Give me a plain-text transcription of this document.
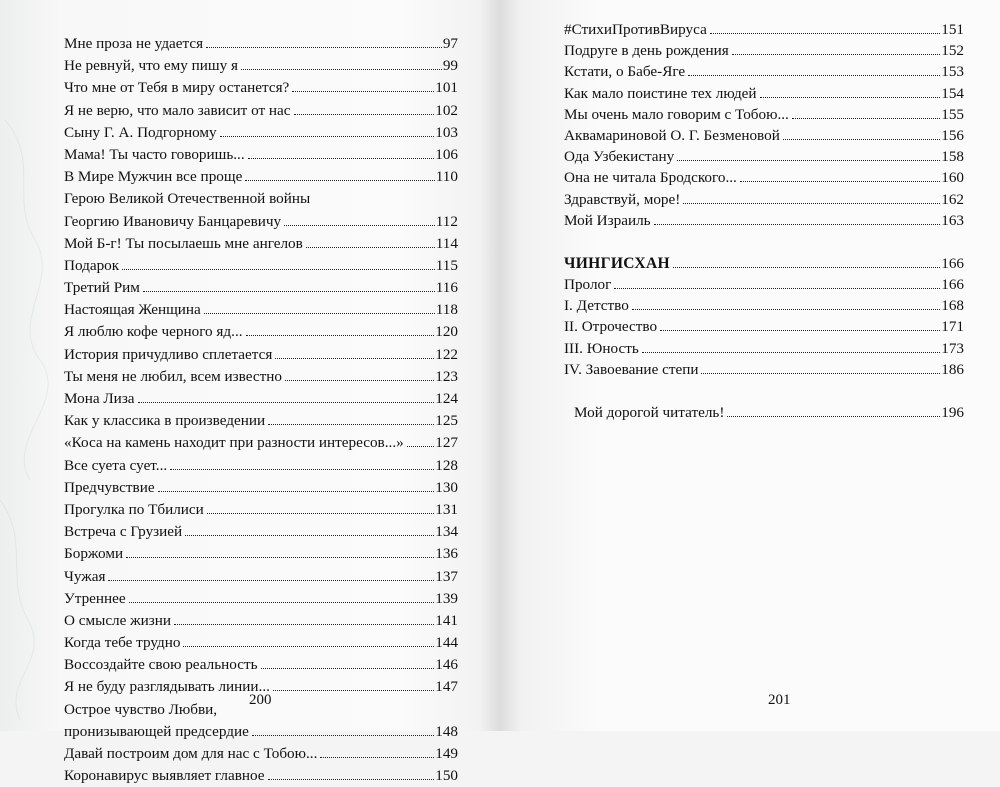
Мне проза не удается	97
Не ревнуй, что ему пишу я	99
Что мне от Тебя в миру останется?	101
Я не верю, что мало зависит от нас	102
Сыну Г. А. Подгорному	103
Мама! Ты часто говоришь...	106
В Мире Мужчин все проще	110
Герою Великой Отечественной войны
Георгию Ивановичу Банцаревичу	112
Мой Б-г! Ты посылаешь мне ангелов	114
Подарок	115
Третий Рим	116
Настоящая Женщина	118
Я люблю кофе черного яд...	120
История причудливо сплетается	122
Ты меня не любил, всем известно	123
Мона Лиза	124
Как у классика в произведении	125
«Коса на камень находит при разности интересов...» 127
Все суета сует...	128
Предчувствие	130
Прогулка по Тбилиси	131
Встреча с Грузией	134
Боржоми	136
Чужая	137
Утреннее	139
О смысле жизни	141
Когда тебе трудно	144
Воссоздайте свою реальность	146
Я не буду разглядывать линии...	147
Острое чувство Любви,
пронизывающей предсердие	148
Давай построим дом для нас с Тобою...	149
Коронавирус выявляет главное	150
200
#СтихиПротивВируса	151
Подруге в день рождения	152
Кстати, о Бабе-Яге	153
Как мало поистине тех людей	154
Мы очень мало говорим с Тобою...	155
Аквамариновой О. Г. Безменовой	156
Ода Узбекистану	158
Она не читала Бродского...	160
Здравствуй, море!	162
Мой Израиль	163
ЧИНГИСХАН	166
Пролог	166
I. Детство	168
II. Отрочество	171
III. Юность	173
IV. Завоевание степи	186
Мой дорогой читатель!	196
201
